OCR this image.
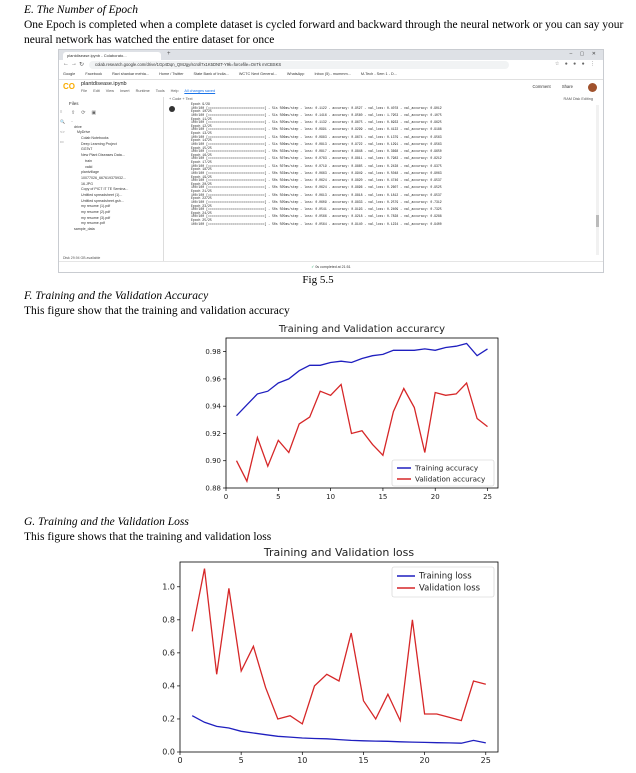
E. The Number of Epoch
One Epoch is completed when a complete dataset is cycled forward and backward through the neural network or you can say your neural network has watched the entire dataset for once
plantdisease.ipynb - Colaborato...	+	– ▢ ✕
← → ↻	colab.research.google.com/drive/1Gp4Dqn_QMJgy/scroll7x1K5DNtT-Y9k=forcefile=OnTk mrCBSKS	☆ ● ● ● ⋮
Google	Facebook	Ravi shankar mehta...	Home / Twitter	State Bank of India...	WCTC Next General...	WhatsApp	Inbox (5) - mummm...	M-Tech - Sem 1 - D...
CO plantdisease.ipynb
File Edit View Insert Runtime Tools Help All changes saved
Comment	Share
≡
🔍
<>
▭
Files
⇪⟳▣
..
drive
MyDrive
Colab Notebooks
Deep Learning Project
GGTsT
New Plant Diseases Data...
train
valid
plantvillage
10077026_667619375932...
16.JPG
Copy of PICT IT TE Semina...
Untitled spreadsheet (1)...
Untitled spreadsheet.gsh...
my resume (1).pdf
my resume (2).pdf
my resume (3).pdf
my resume.pdf
sample_data
Disk 29.94 GB available
+ Code + Text	RAM Disk Editing
Epoch 9/29
100/100 [==============================] - 51s 506ms/step - loss: 0.1122 - accuracy: 0.9527 - val_loss: 0.4078 - val_accuracy: 0.9012
Epoch 10/25
100/100 [==============================] - 51s 506ms/step - loss: 0.1416 - accuracy: 0.9560 - val_loss: 1.7953 - val_accuracy: 0.1075
Epoch 11/25
100/100 [==============================] - 51s 505ms/step - loss: 0.1132 - accuracy: 0.9675 - val_loss: 0.8933 - val_accuracy: 0.9625
Epoch 12/25
100/100 [==============================] - 50s 501ms/step - loss: 0.0991 - accuracy: 0.9299 - val_loss: 0.4122 - val_accuracy: 0.9188
Epoch 13/25
100/100 [==============================] - 51s 506ms/step - loss: 0.0983 - accuracy: 0.9674 - val_loss: 0.1379 - val_accuracy: 0.9563
Epoch 14/25
100/100 [==============================] - 51s 506ms/step - loss: 0.0813 - accuracy: 0.9722 - val_loss: 0.1291 - val_accuracy: 0.9563
Epoch 15/25
100/100 [==============================] - 50s 502ms/step - loss: 0.0817 - accuracy: 0.9848 - val_loss: 0.3668 - val_accuracy: 0.9650
Epoch 16/25
100/100 [==============================] - 51s 507ms/step - loss: 0.0783 - accuracy: 0.9811 - val_loss: 0.7983 - val_accuracy: 0.8212
Epoch 17/25
100/100 [==============================] - 51s 507ms/step - loss: 0.0719 - accuracy: 0.9885 - val_loss: 0.2428 - val_accuracy: 0.9375
Epoch 18/25
100/100 [==============================] - 50s 503ms/step - loss: 0.0663 - accuracy: 0.9949 - val_loss: 0.5048 - val_accuracy: 0.9063
Epoch 19/25
100/100 [==============================] - 50s 504ms/step - loss: 0.0624 - accuracy: 0.9820 - val_loss: 0.4746 - val_accuracy: 0.9537
Epoch 20/25
100/100 [==============================] - 50s 505ms/step - loss: 0.0624 - accuracy: 0.9896 - val_loss: 0.2607 - val_accuracy: 0.9525
Epoch 21/25
100/100 [==============================] - 50s 504ms/step - loss: 0.0613 - accuracy: 0.9818 - val_loss: 0.1812 - val_accuracy: 0.9537
Epoch 22/25
100/100 [==============================] - 50s 505ms/step - loss: 0.0609 - accuracy: 0.9833 - val_loss: 0.2579 - val_accuracy: 0.7312
Epoch 23/25
100/100 [==============================] - 50s 504ms/step - loss: 0.0541 - accuracy: 0.9193 - val_loss: 0.2409 - val_accuracy: 0.7325
Epoch 24/25
100/100 [==============================] - 50s 505ms/step - loss: 0.0566 - accuracy: 0.9218 - val_loss: 0.7828 - val_accuracy: 0.9288
Epoch 25/25
100/100 [==============================] - 50s 505ms/step - loss: 0.0564 - accuracy: 0.9140 - val_loss: 0.1224 - val_accuracy: 0.9400
✓ 0s completed at 21:51
Fig 5.5
F. Training and the Validation Accuracy
This figure show that the training and validation accuracy
Training and Validation accurarcy
0	5	10	15	20	25
0.88
0.90
0.92
0.94
0.96
0.98
Training accuracy
Validation accuracy
G. Training and the Validation Loss
This figure shows that the training and validation loss
Training and Validation loss
0	5	10	15	20	25
0.0
0.2
0.4
0.6
0.8
1.0
Training loss
Validation loss
